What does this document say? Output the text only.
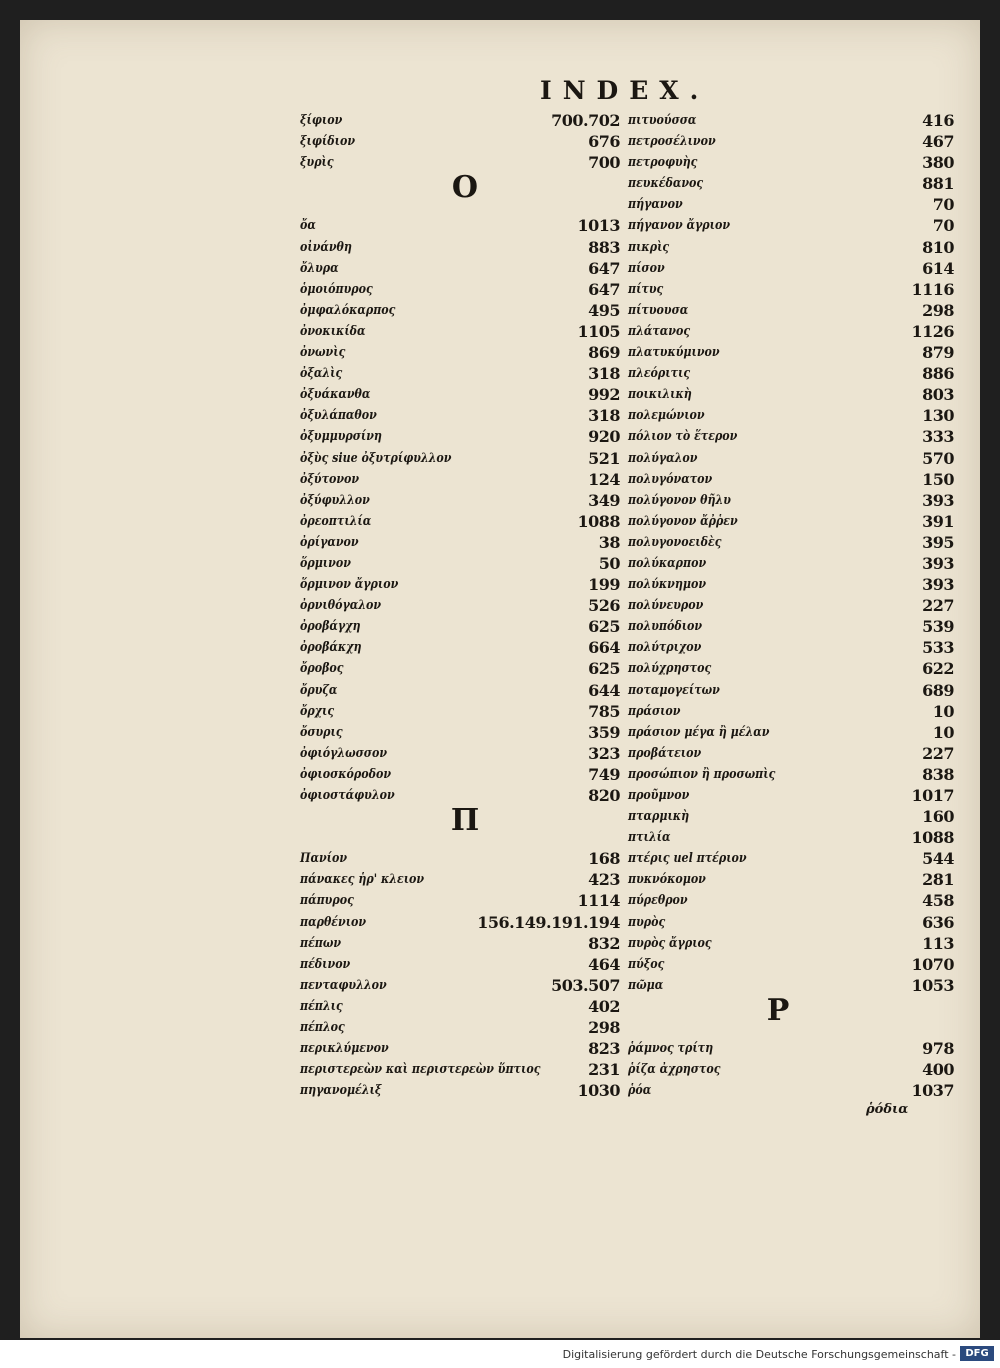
INDEX.
ξίφιον	700.702
ξιφίδιον	676
ξυρὶς	700
Ο
ὄα	1013
οἰνάνθη	883
ὄλυρα	647
ὁμοιόπυρος	647
ὀμφαλόκαρπος	495
ὀνοκικίδα	1105
ὀνωνὶς	869
ὀξαλὶς	318
ὀξυάκανθα	992
ὀξυλάπαθον	318
ὀξυμμυρσίνη	920
ὀξὺς siue ὀξυτρίφυλλον	521
ὀξύτονον	124
ὀξύφυλλον	349
ὀρεοπτιλία	1088
ὀρίγανον	38
ὅρμινον	50
ὅρμινον ἄγριον	199
ὀρνιθόγαλον	526
ὀροβάγχη	625
ὀροβάκχη	664
ὄροβος	625
ὄρυζα	644
ὄρχις	785
ὄσυρις	359
ὀφιόγλωσσον	323
ὀφιοσκόροδον	749
ὀφιοστάφυλον	820
Π
Πανίον	168
πάνακες ἡρ' κλειον	423
πάπυρος	1114
παρθένιον	156.149.191.194
πέπων	832
πέδινον	464
πενταφυλλον	503.507
πέπλις	402
πέπλος	298
περικλύμενον	823
περιστερεὼν καὶ περιστερεὼν ὕπτιος	231
πηγανομέλιξ	1030
πιτυούσσα	416
πετροσέλινον	467
πετροφυὴς	380
πευκέδανος	881
πήγανον	70
πήγανον ἄγριον	70
πικρὶς	810
πίσον	614
πίτυς	1116
πίτυουσα	298
πλάτανος	1126
πλατυκύμινον	879
πλεόριτις	886
ποικιλικὴ	803
πολεμώνιον	130
πόλιον τὸ ἕτερον	333
πολύγαλον	570
πολυγόνατον	150
πολύγονον θῆλυ	393
πολύγονον ἄῤῥεν	391
πολυγονοειδὲς	395
πολύκαρπον	393
πολύκνημον	393
πολύνευρον	227
πολυπόδιον	539
πολύτριχον	533
πολύχρηστος	622
ποταμογείτων	689
πράσιον	10
πράσιον μέγα ἢ μέλαν	10
προβάτειον	227
προσώπιον ἢ προσωπὶς	838
προῦμνον	1017
πταρμικὴ	160
πτιλία	1088
πτέρις uel πτέριον	544
πυκνόκομον	281
πύρεθρον	458
πυρὸς	636
πυρὸς ἄγριος	113
πύξος	1070
πῶμα	1053
Ρ
ῥάμνος τρίτη	978
ῥίζα ἀχρηστος	400
ῥόα	1037
ῥόδια
Digitalisierung gefördert durch die Deutsche Forschungsgemeinschaft - DFG
